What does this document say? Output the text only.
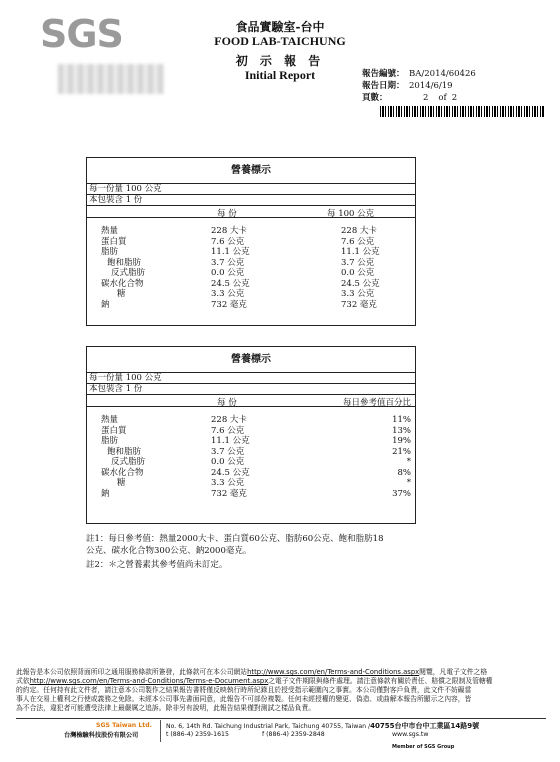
SGS	食品實驗室-台中
FOOD LAB-TAICHUNG
初 示 報 告
Initial Report	報告編號： BA/2014/60426
報告日期： 2014/6/19
頁數：	2 of 2
營養標示
每一份量 100 公克
本包裝含 1 份
每 份	每 100 公克
熱量	228 大卡	228 大卡
蛋白質	7.6 公克	7.6 公克
脂肪	11.1 公克	11.1 公克
飽和脂肪	3.7 公克	3.7 公克
反式脂肪	0.0 公克	0.0 公克
碳水化合物	24.5 公克	24.5 公克
糖	3.3 公克	3.3 公克
鈉	732 毫克	732 毫克
營養標示
每一份量 100 公克
本包裝含 1 份
每 份	每日參考值百分比
熱量	228 大卡	11%
蛋白質	7.6 公克	13%
脂肪	11.1 公克	19%
飽和脂肪	3.7 公克	21%
反式脂肪	0.0 公克	*
碳水化合物	24.5 公克	8%
糖	3.3 公克	*
鈉	732 毫克	37%
註1：每日參考值：熱量2000大卡、蛋白質60公克、脂肪60公克、飽和脂肪18
公克、碳水化合物300公克、鈉2000毫克。
註2：＊之營養素其參考值尚未訂定。
此報告是本公司依照背面所印之通用服務條款所簽發，此條款可在本公司網站http://www.sgs.com/en/Terms-and-Conditions.aspx閱覽，凡電子文件之格
式依http://www.sgs.com/en/Terms-and-Conditions/Terms-e-Document.aspx之電子文件期限與條件處理。請注意條款有關於責任、賠償之限制及管轄權
的約定。任何持有此文件者，請注意本公司製作之結果報告書將僅反映執行時所紀錄且於授受指示範圍內之事實。本公司僅對客戶負責，此文件不妨礙當
事人在交易上權利之行使或義務之免除。未經本公司事先書面同意，此報告不可部份複製。任何未經授權的變更、偽造、或曲解本報告所顯示之內容，皆
為不合法，違犯者可能遭受法律上最嚴厲之追訴。除非另有說明，此報告結果僅對測試之樣品負責。
SGS Taiwan Ltd.
台灣檢驗科技股份有限公司
No. 6, 14th Rd. Taichung Industrial Park, Taichung 40755, Taiwan /40755台中市台中工業區14路9號
t (886-4) 2359-1615	f (886-4) 2359-2848	www.sgs.tw
Member of SGS Group
